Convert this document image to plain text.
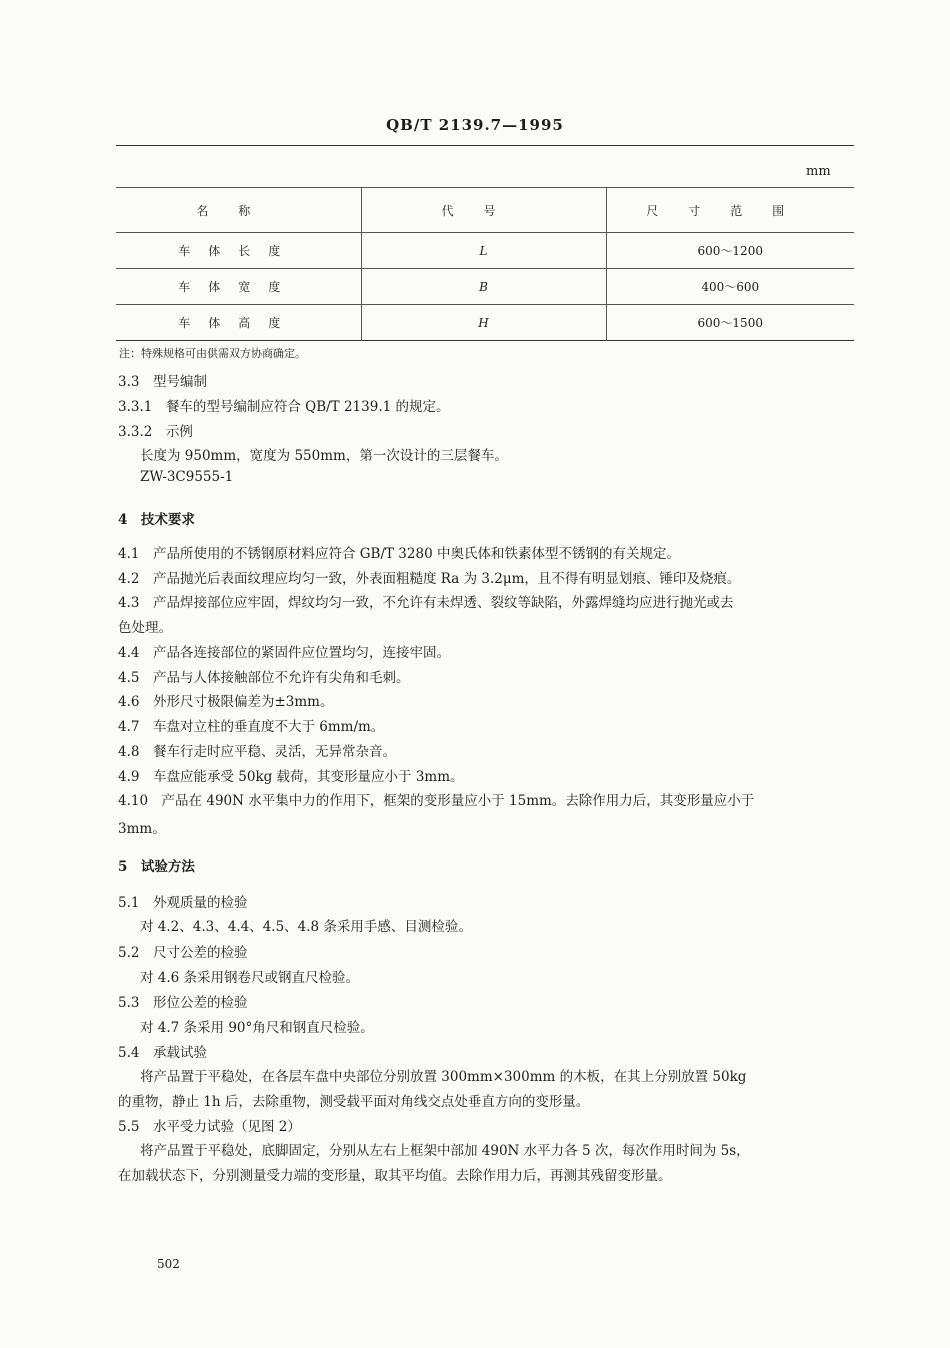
QB/T 2139.7—1995
mm
名称	代号	尺寸范围
车体长度	L	600～1200
车体宽度	B	400～600
车体高度	H	600～1500
注：特殊规格可由供需双方协商确定。
3.3　型号编制
3.3.1　餐车的型号编制应符合 QB/T 2139.1 的规定。
3.3.2　示例
长度为 950mm，宽度为 550mm，第一次设计的三层餐车。
ZW-3C9555-1
4　技术要求
4.1　产品所使用的不锈钢原材料应符合 GB/T 3280 中奥氏体和铁素体型不锈钢的有关规定。
4.2　产品抛光后表面纹理应均匀一致，外表面粗糙度 Ra 为 3.2μm，且不得有明显划痕、锤印及烧痕。
4.3　产品焊接部位应牢固，焊纹均匀一致，不允许有未焊透、裂纹等缺陷，外露焊缝均应进行抛光或去
色处理。
4.4　产品各连接部位的紧固件应位置均匀，连接牢固。
4.5　产品与人体接触部位不允许有尖角和毛刺。
4.6　外形尺寸极限偏差为±3mm。
4.7　车盘对立柱的垂直度不大于 6mm/m。
4.8　餐车行走时应平稳、灵活，无异常杂音。
4.9　车盘应能承受 50kg 载荷，其变形量应小于 3mm。
4.10　产品在 490N 水平集中力的作用下，框架的变形量应小于 15mm。去除作用力后，其变形量应小于
3mm。
5　试验方法
5.1　外观质量的检验
对 4.2、4.3、4.4、4.5、4.8 条采用手感、目测检验。
5.2　尺寸公差的检验
对 4.6 条采用钢卷尺或钢直尺检验。
5.3　形位公差的检验
对 4.7 条采用 90°角尺和钢直尺检验。
5.4　承载试验
将产品置于平稳处，在各层车盘中央部位分别放置 300mm×300mm 的木板，在其上分别放置 50kg
的重物，静止 1h 后，去除重物，测受载平面对角线交点处垂直方向的变形量。
5.5　水平受力试验（见图 2）
将产品置于平稳处，底脚固定，分别从左右上框架中部加 490N 水平力各 5 次，每次作用时间为 5s，
在加载状态下，分别测量受力端的变形量，取其平均值。去除作用力后，再测其残留变形量。
502
